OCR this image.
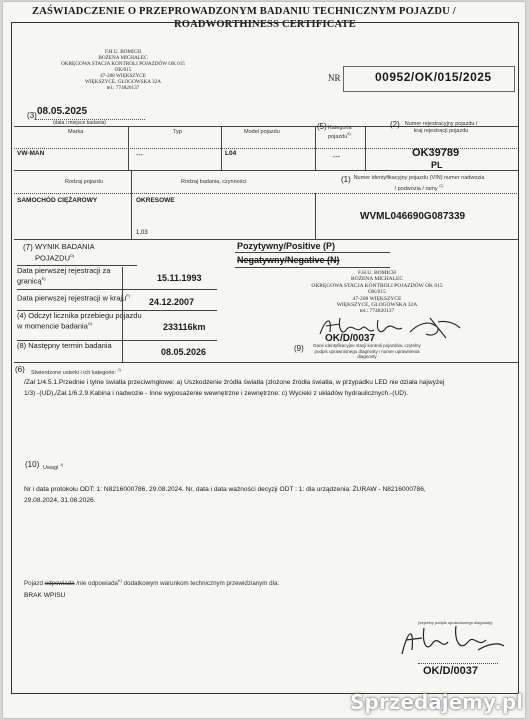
ZAŚWIADCZENIE O PRZEPROWADZONYM BADANIU TECHNICZNYM POJAZDU /
ROADWORTHINESS CERTIFICATE
F.H.U. BOMICH
BOŻENA MICHALEC
OKRĘGOWA STACJA KONTROLI POJAZDÓW OK 015
OK/015
47-208 WIĘKSZYCE
WIĘKSZYCE, GŁOGOWSKA 32A
tel.: 774820137
NR	00952/OK/015/2025
(3) 08.05.2025
(data i miejsce badania)
Marka	Typ	Model pojazdu
(5) Kategoria pojazdu$^{6)}$
(2) Numer rejestracyjny pojazdu i kraj rejestracji pojazdu
VW-MAN	---	L04
---	OK39789
PL
Rodzaj pojazdu	Rodzaj badania, czynności	(1) Numer identyfikacyjny pojazdu (VIN) numer nadwozia / podwozia / ramy $^{C)}$
SAMOCHÓD CIĘŻAROWY	OKRESOWE
1.03
WVML046690G087339
(7) WYNIK BADANIA $POJAZDU^{D)}$
Pozytywny/Positive (P)
Negatywny/Negative (N)
Data pierwszej rejestracji za granicą$^{E)}$	15.11.1993
Data pierwszej rejestracji w kraju$^{F)}$
24.12.2007
(4) Odczyt licznika przebiegu pojazdu w momencie badania$^{G)}$	233116km
(8) Następny termin badania
08.05.2026
F.H.U. BOMICH
BOŻENA MICHALEC
OKRĘGOWA STACJA KONTROLI POJAZDÓW OK 015
OK/015
47-208 WIĘKSZYCE
WIĘKSZYCE, GŁOGOWSKA 32A
tel.: 774820137
OK/D/0037
(9)	Dane identyfikacyjne stacji kontroli pojazdów, czytelny podpis uprawnionego diagnosty i numer uprawnienia diagnosty
(6) Stwierdzone usterki i ich kategorie: $^{J)}$
/Zał 1/4.5.1.Przednie i tylne światła przeciwmgłowe: a) Uszkodzenie źródła światła (złożone źródła światła, w przypadku LED nie działa najwyżej
1/3) -(UD),/Zał.1/6.2.9.Kabina i nadwozie - Inne wyposażenie wewnętrzne i zewnętrzne: c) Wycieki z układów hydraulicznych.-(UD).
(10) Uwagi $^{J)}$
Nr i data protokołu ODT: 1: N8216000786, 29.08.2024. Nr, data i data ważności decyzji ODT : 1: dla urządzenia: ŻURAW - N8216000786,
29.08.2024, 31.08.2026.
Pojazd odpowiada /nie odpowiada$^{K)}$ dodatkowym warunkom technicznym przewidzianym dla:
BRAK WPISU
(czytelny podpis uprawnionego diagnosty)
OK/D/0037
Sprzedajemy.pl
